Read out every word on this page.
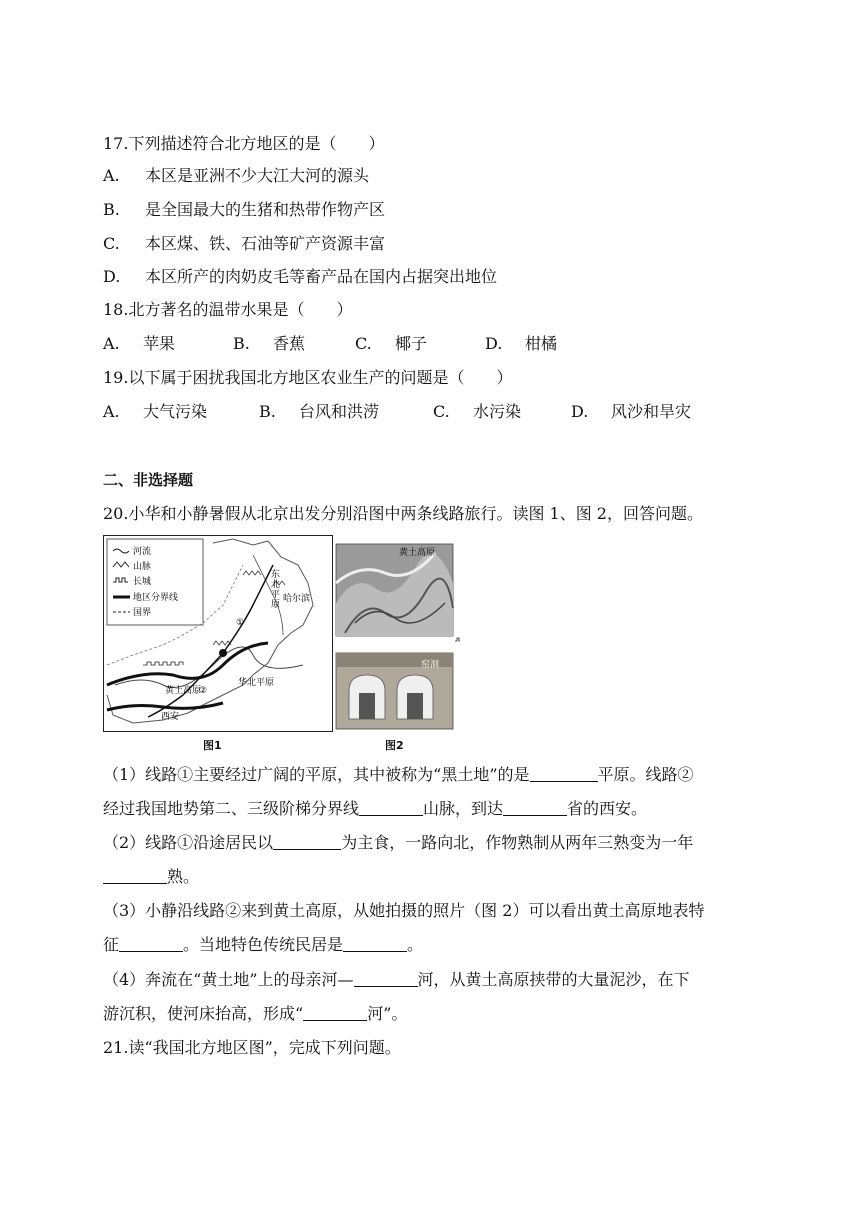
17.下列描述符合北方地区的是（　　）
A. 本区是亚洲不少大江大河的源头
B. 是全国最大的生猪和热带作物产区
C. 本区煤、铁、石油等矿产资源丰富
D. 本区所产的肉奶皮毛等畜产品在国内占据突出地位
18.北方著名的温带水果是（　　）
A. 苹果	B. 香蕉	C. 椰子	D. 柑橘
19.以下属于困扰我国北方地区农业生产的问题是（　　）
A. 大气污染	B. 台风和洪涝	C. 水污染	D. 风沙和旱灾
二、非选择题
20.小华和小静暑假从北京出发分别沿图中两条线路旅行。读图 1、图 2，回答问题。
河流
山脉
长城
地区分界线
国界
东北平原
哈尔滨
黄土高原
华北平原
西安
①
②
图1
黄土高原
窑洞
图2
（1）线路①主要经过广阔的平原，其中被称为“黑土地”的是	平原。线路②
经过我国地势第二、三级阶梯分界线	山脉，到达	省的西安。
（2）线路①沿途居民以	为主食，一路向北，作物熟制从两年三熟变为一年
熟。
（3）小静沿线路②来到黄土高原，从她拍摄的照片（图 2）可以看出黄土高原地表特
征	。当地特色传统民居是	。
（4）奔流在“黄土地”上的母亲河—	河，从黄土高原挟带的大量泥沙，在下
游沉积，使河床抬高，形成“	河”。
21.读“我国北方地区图”，完成下列问题。
